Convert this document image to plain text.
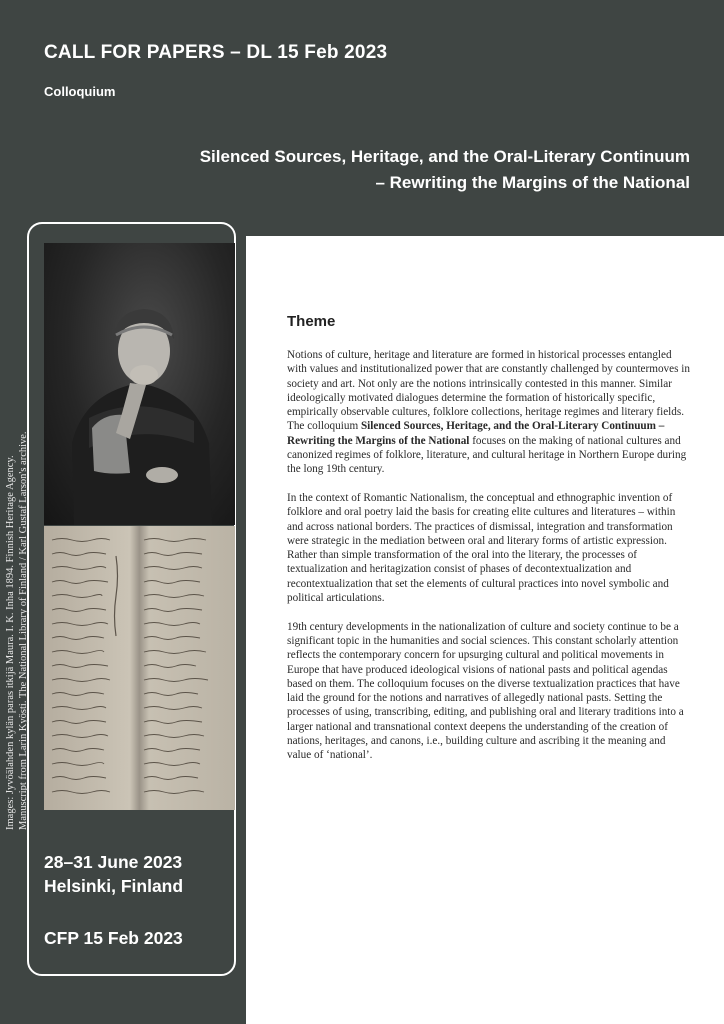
CALL FOR PAPERS – DL 15 Feb 2023
Colloquium
Silenced Sources, Heritage, and the Oral-Literary Continuum
– Rewriting the Margins of the National
Images: Jyvöälahden kylän paras itkijä Maura. I. K. Inha 1894. Finnish Heritage Agency. Manuscript from Larin Kyösti. The National Library of Finland / Karl Gustaf Larson's archive.
28–31 June 2023
Helsinki, Finland
CFP 15 Feb 2023
Theme

Notions of culture, heritage and literature are formed in historical processes entangled with values and institutionalized power that are constantly challenged by countermoves in society and art. Not only are the notions intrinsically contested in this manner. Similar ideologically motivated dialogues determine the formation of historically specific, empirically observable cultures, folklore collections, heritage regimes and literary fields. The colloquium Silenced Sources, Heritage, and the Oral-Literary Continuum – Rewriting the Margins of the National focuses on the making of national cultures and canonized regimes of folklore, literature, and cultural heritage in Northern Europe during the long 19th century.

In the context of Romantic Nationalism, the conceptual and ethnographic invention of folklore and oral poetry laid the basis for creating elite cultures and literatures – within and across national borders. The practices of dismissal, integration and transformation were strategic in the mediation between oral and literary forms of artistic expression. Rather than simple transformation of the oral into the literary, the processes of textualization and heritagization consist of phases of decontextualization and recontextualization that set the elements of cultural practices into novel symbolic and political articulations.

19th century developments in the nationalization of culture and society continue to be a significant topic in the humanities and social sciences. This constant scholarly attention reflects the contemporary concern for upsurging cultural and political movements in Europe that have produced ideological visions of national pasts and political agendas based on them. The colloquium focuses on the diverse textualization practices that have laid the ground for the notions and narratives of allegedly national pasts. Setting the processes of using, transcribing, editing, and publishing oral and literary traditions into a larger national and transnational context deepens the understanding of the creation of nations, heritages, and canons, i.e., building culture and ascribing it the meaning and value of ‘national’.
